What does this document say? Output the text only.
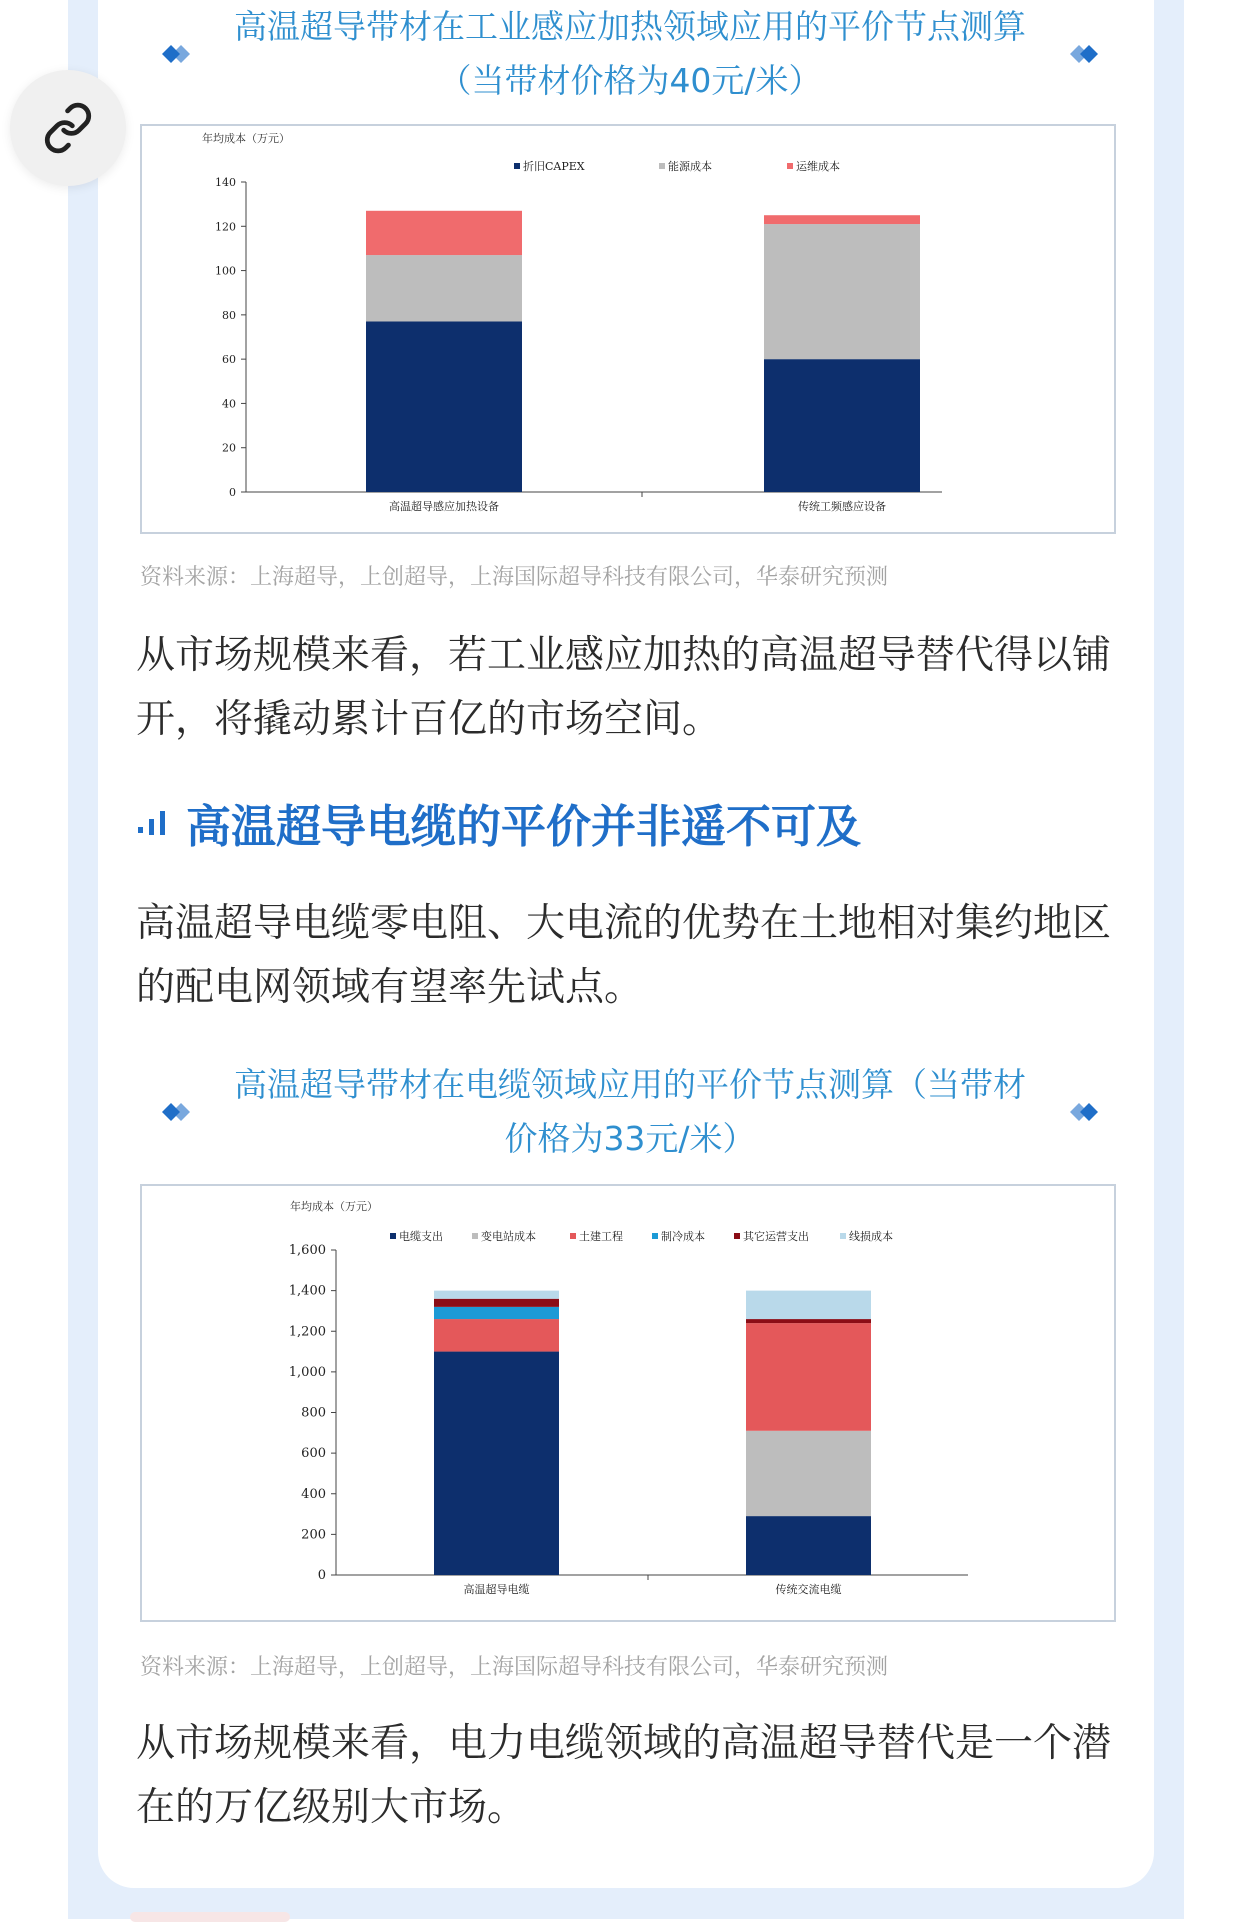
高温超导带材在工业感应加热领域应用的平价节点测算（当带材价格为40元/米）
年均成本（万元）
0
20
40
60
80
100
120
140
高温超导感应加热设备	传统工频感应设备
折旧CAPEX	能源成本	运维成本
资料来源：上海超导，上创超导，上海国际超导科技有限公司，华泰研究预测
从市场规模来看，若工业感应加热的高温超导替代得以铺开，将撬动累计百亿的市场空间。
高温超导电缆的平价并非遥不可及
高温超导电缆零电阻、大电流的优势在土地相对集约地区的配电网领域有望率先试点。
高温超导带材在电缆领域应用的平价节点测算（当带材价格为33元/米）
年均成本（万元）
0
200
400
600
800
1,000
1,200
1,400
1,600
高温超导电缆	传统交流电缆
电缆支出	变电站成本	土建工程	制冷成本	其它运营支出	线损成本
资料来源：上海超导，上创超导，上海国际超导科技有限公司，华泰研究预测
从市场规模来看，电力电缆领域的高温超导替代是一个潜在的万亿级别大市场。
